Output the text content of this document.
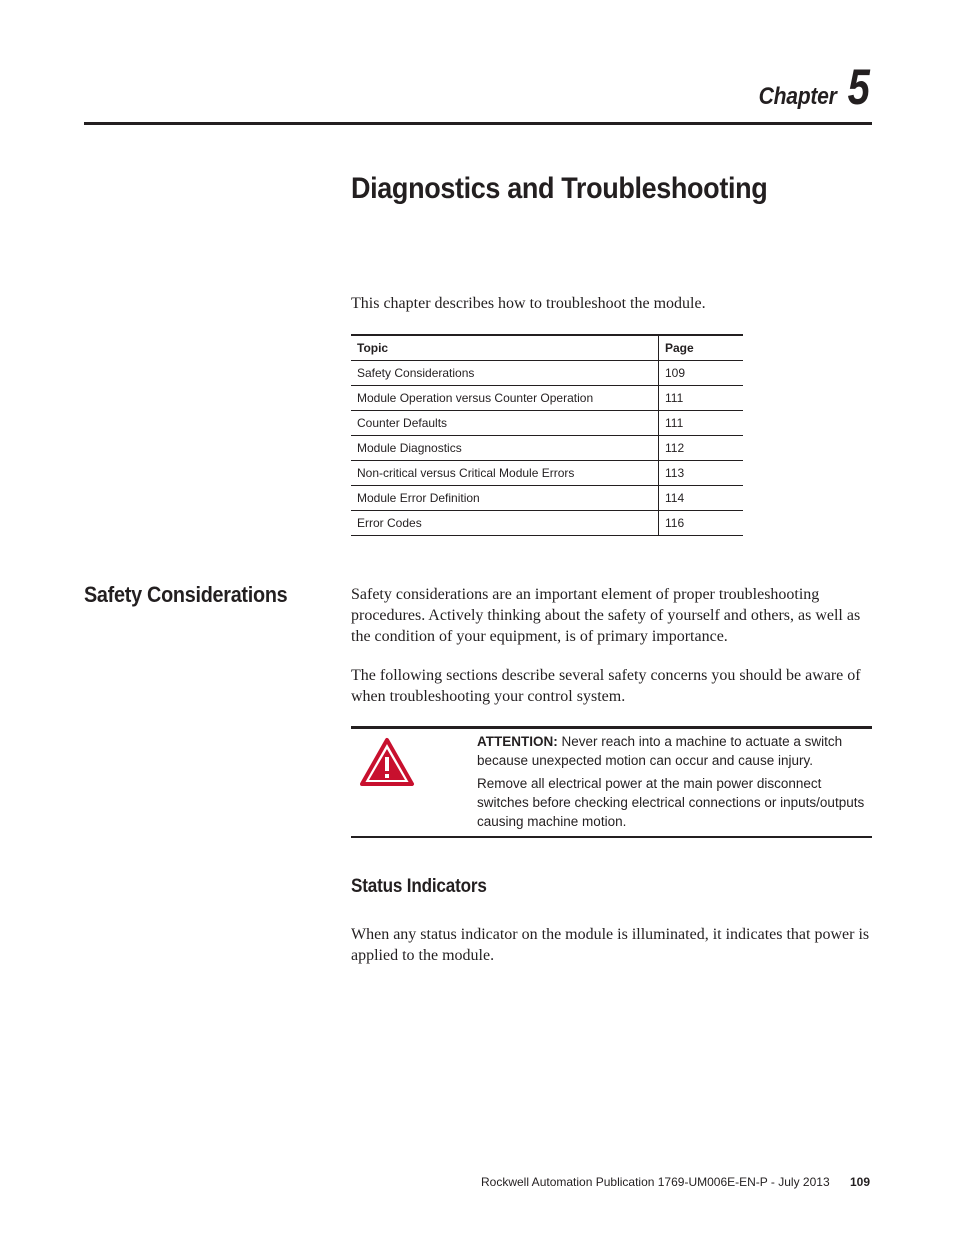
Chapter 5
Diagnostics and Troubleshooting
This chapter describes how to troubleshoot the module.
Topic	Page
Safety Considerations	109
Module Operation versus Counter Operation	111
Counter Defaults	111
Module Diagnostics	112
Non-critical versus Critical Module Errors	113
Module Error Definition	114
Error Codes	116
Safety Considerations	Safety considerations are an important element of proper troubleshooting procedures. Actively thinking about the safety of yourself and others, as well as the condition of your equipment, is of primary importance.
The following sections describe several safety concerns you should be aware of when troubleshooting your control system.

ATTENTION: Never reach into a machine to actuate a switch because unexpected motion can occur and cause injury.

Remove all electrical power at the main power disconnect switches before checking electrical connections or inputs/outputs causing machine motion.

Status Indicators
When any status indicator on the module is illuminated, it indicates that power is applied to the module.
Rockwell Automation Publication 1769-UM006E-EN-P - July 2013 109
